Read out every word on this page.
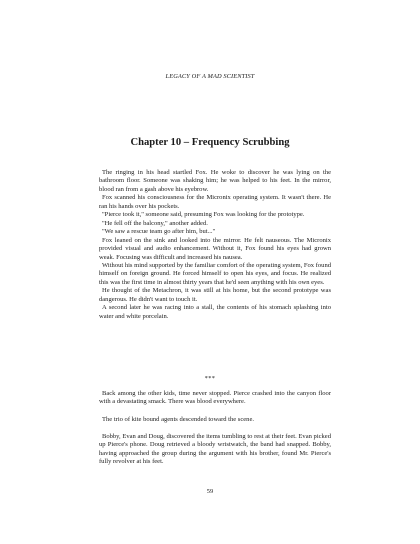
LEGACY OF A MAD SCIENTIST
Chapter 10 – Frequency Scrubbing

The ringing in his head startled Fox. He woke to discover he was lying on the bathroom floor. Someone was shaking him; he was helped to his feet. In the mirror, blood ran from a gash above his eyebrow.

Fox scanned his consciousness for the Micronix operating system. It wasn't there. He ran his hands over his pockets.

"Pierce took it," someone said, presuming Fox was looking for the prototype.

"He fell off the balcony," another added.

"We saw a rescue team go after him, but..."

Fox leaned on the sink and looked into the mirror. He felt nauseous. The Micronix provided visual and audio enhancement. Without it, Fox found his eyes had grown weak. Focusing was difficult and increased his nausea.

Without his mind supported by the familiar comfort of the operating system, Fox found himself on foreign ground. He forced himself to open his eyes, and focus. He realized this was the first time in almost thirty years that he'd seen anything with his own eyes.

He thought of the Metachron, it was still at his home, but the second prototype was dangerous. He didn't want to touch it.

A second later he was racing into a stall, the contents of his stomach splashing into water and white porcelain.

***

Back among the other kids, time never stopped. Pierce crashed into the canyon floor with a devastating smack. There was blood everywhere.

The trio of kite bound agents descended toward the scene.

Bobby, Evan and Doug, discovered the items tumbling to rest at their feet. Evan picked up Pierce's phone. Doug retrieved a bloody wristwatch, the band had snapped. Bobby, having approached the group during the argument with his brother, found Mr. Pierce's fully revolver at his feet.

59
